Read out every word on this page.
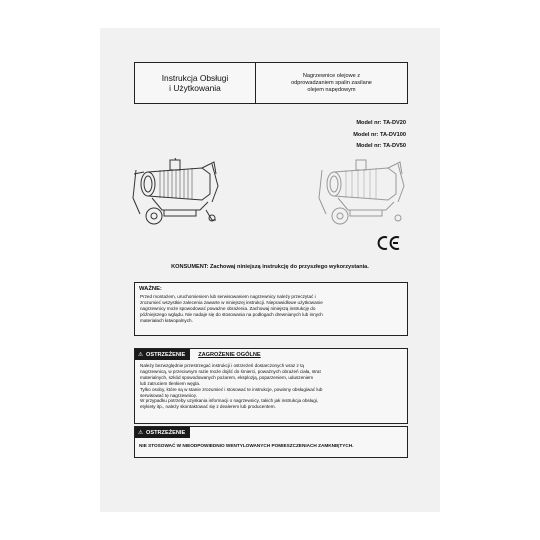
Instrukcja Obsługi
i Użytkowania
Nagrzewnice olejowe z
odprowadzaniem spalin zasilane
olejem napędowym
Model nr: TA-DV20
Model nr: TA-DV100
Model nr: TA-DV50
KONSUMENT: Zachowaj niniejszą instrukcję do przyszłego wykorzystania.
WAŻNE:
Przed montażem, uruchomieniem lub serwisowaniem nagrzewnicy należy przeczytać i
zrozumieć wszystkie zalecenia zawarte w niniejszej instrukcji. Nieprawidłowe użytkowanie
nagrzewnicy może spowodować poważne obrażenia. Zachowaj niniejszą instrukcję do
późniejszego wglądu. Nie nadaje się do stosowania na podłogach drewnianych lub innych
materiałach łatwopalnych.
⚠ OSTRZEŻENIE ZAGROŻENIE OGÓLNE
Należy bezwzględnie przestrzegać instrukcji i ostrzeżeń dostarczonych wraz z tą
nagrzewnicą, w przeciwnym razie może dojść do śmierci, poważnych obrażeń ciała, strat
materialnych, szkód spowodowanych pożarem, eksplozją, poparzeniem, uduszeniem
lub zatruciem tlenkiem węgla.
Tylko osoby, które są w stanie zrozumieć i stosować te instrukcje, powinny obsługiwać lub
serwisować tę nagrzewnicę.
W przypadku potrzeby uzyskania informacji o nagrzewnicy, takich jak instrukcja obsługi,
etykiety itp., należy skontaktować się z dealerem lub producentem.
⚠ OSTRZEŻENIE
NIE STOSOWAĆ W NIEODPOWIEDNIO WENTYLOWANYCH POMIESZCZENIACH ZAMKNIĘTYCH.
